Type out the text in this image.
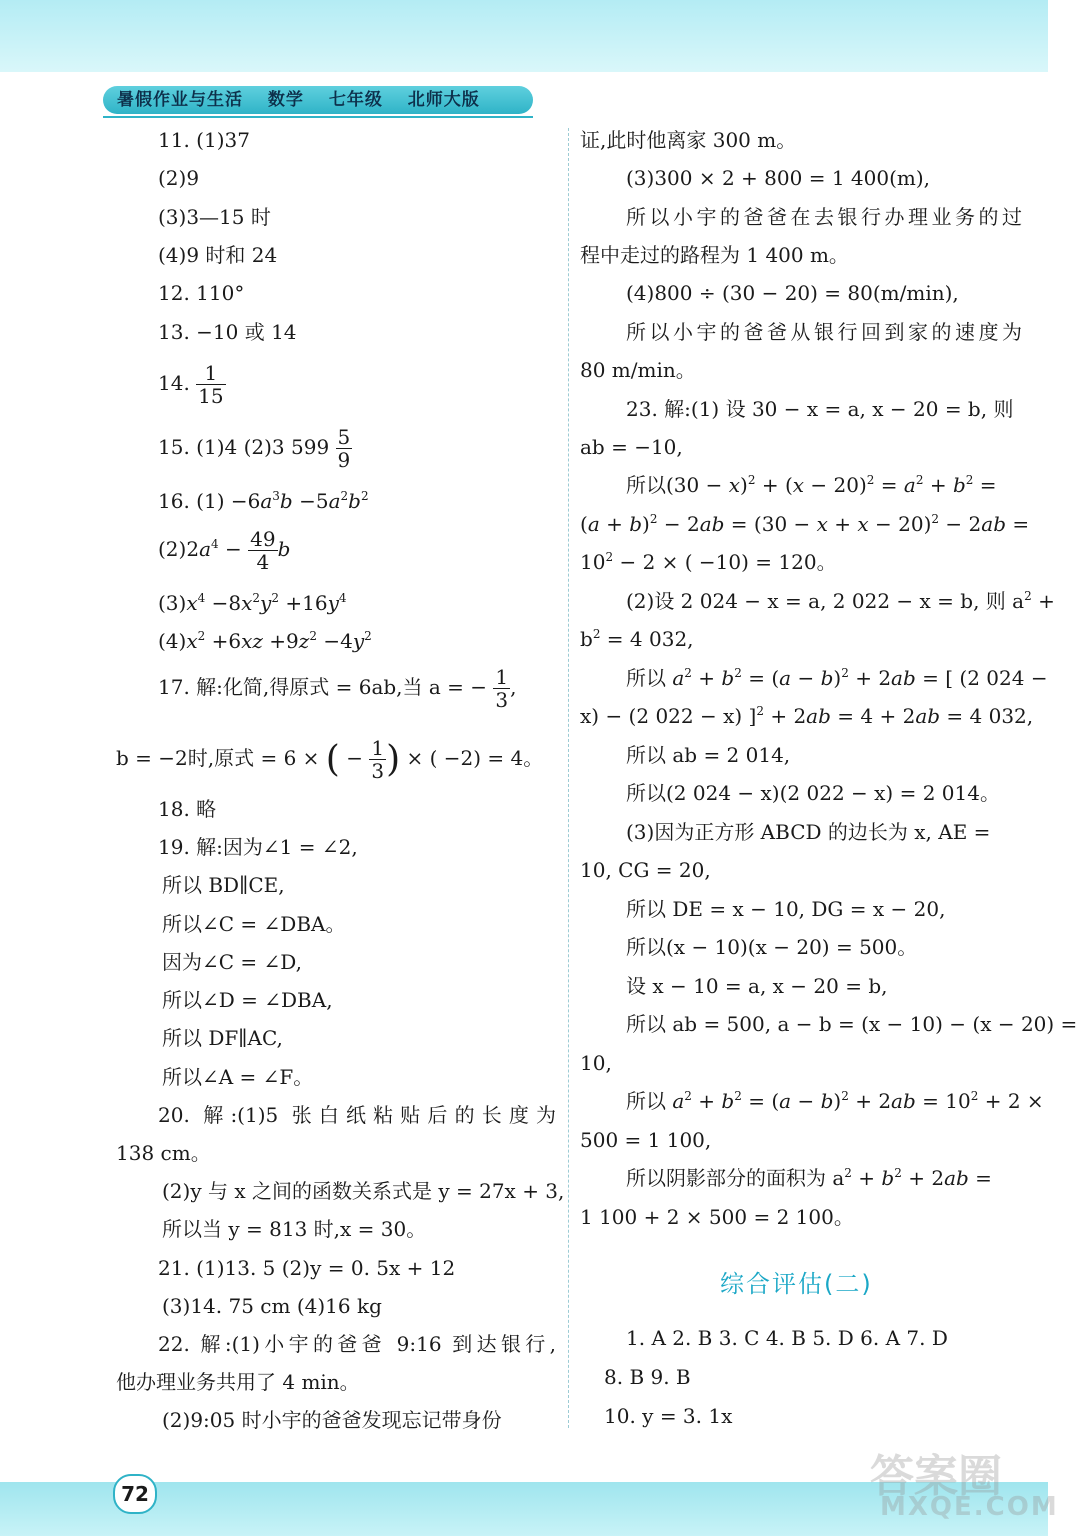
暑假作业与生活 数学 七年级 北师大版
11. (1)37
(2)9
(3)3—15 时
(4)9 时和 24
12. 110°
13. −10 或 14
14. $\frac{1}{15}$
15. (1)4 (2)3 $599 \frac{5}{9}$
16. $(1) -6a^3b -5a^2b^2$
$(2)2a^4 - \frac{49}{4}$ b
$(3)x^4 -8x^2y^2 +16y^4$
$(4)x^2 +6xz +9z^2 -4y^2$
17. 解:化简,得原式 = 6ab,当 a = − $\frac{1}{3}$ ,
b = −2时,原式 = 6 × ( − $\frac{1}{3}$ ) × ( −2) = 4。
18. 略
19. 解:因为∠1 = ∠2,
所以 BD∥CE,
所以∠C = ∠DBA。
因为∠C = ∠D,
所以∠D = ∠DBA,
所以 DF∥AC,
所以∠A = ∠F。
20. 解:(1)5 张白纸粘贴后的长度为
138 cm。
(2)y 与 x 之间的函数关系式是 y = 27x + 3,
所以当 y = 813 时,x = 30。
21. (1)13. 5 (2)y = 0. 5x + 12
(3)14. 75 cm (4)16 kg
22. 解:(1)小宇的爸爸 9:16 到达银行,
他办理业务共用了 4 min。
(2)9:05 时小宇的爸爸发现忘记带身份
证,此时他离家 300 m。
(3)300 × 2 + 800 = 1 400(m),
所以小宇的爸爸在去银行办理业务的过
程中走过的路程为 1 400 m。
(4)800 ÷ (30 − 20) = 80(m/min),
所以小宇的爸爸从银行回到家的速度为
80 m/min。
23. 解:(1) 设 30 − x = a, x − 20 = b, 则
ab = −10,
所以$(30 - x)^2 + (x - 20)^2 = a^2 + b^2$ =
$(a + b)^2 - 2ab = (30 - x + x - 20)^2 - 2ab$ =
$10^2 - 2$ × ( −10) = 120。
(2)设 2 024 − x = a, 2 022 − x = b, 则 $a^2$ +
$b^2 = 4$ 032,
所以 $a^2 + b^2 = (a - b)^2 + 2ab$ = [ (2 024 −
x) − (2 022 − x) ]$^2$ + 2ab = 4 + 2ab = 4 032,
所以 ab = 2 014,
所以(2 024 − x)(2 022 − x) = 2 014。
(3)因为正方形 ABCD 的边长为 x, AE =
10, CG = 20,
所以 DE = x − 10, DG = x − 20,
所以(x − 10)(x − 20) = 500。
设 x − 10 = a, x − 20 = b,
所以 ab = 500, a − b = (x − 10) − (x − 20) =
10,
所以 $a^2 + b^2 = (a - b)^2 + 2ab = 10^2 + 2$ ×
500 = 1 100,
所以阴影部分的面积为 $a^2 + b^2 + 2ab$ =
1 100 + 2 × 500 = 2 100。
综合评估(二)
1. A 2. B 3. C 4. B 5. D 6. A 7. D
8. B 9. B
10. y = 3. 1x
72	答案圈
MXQE.COM
